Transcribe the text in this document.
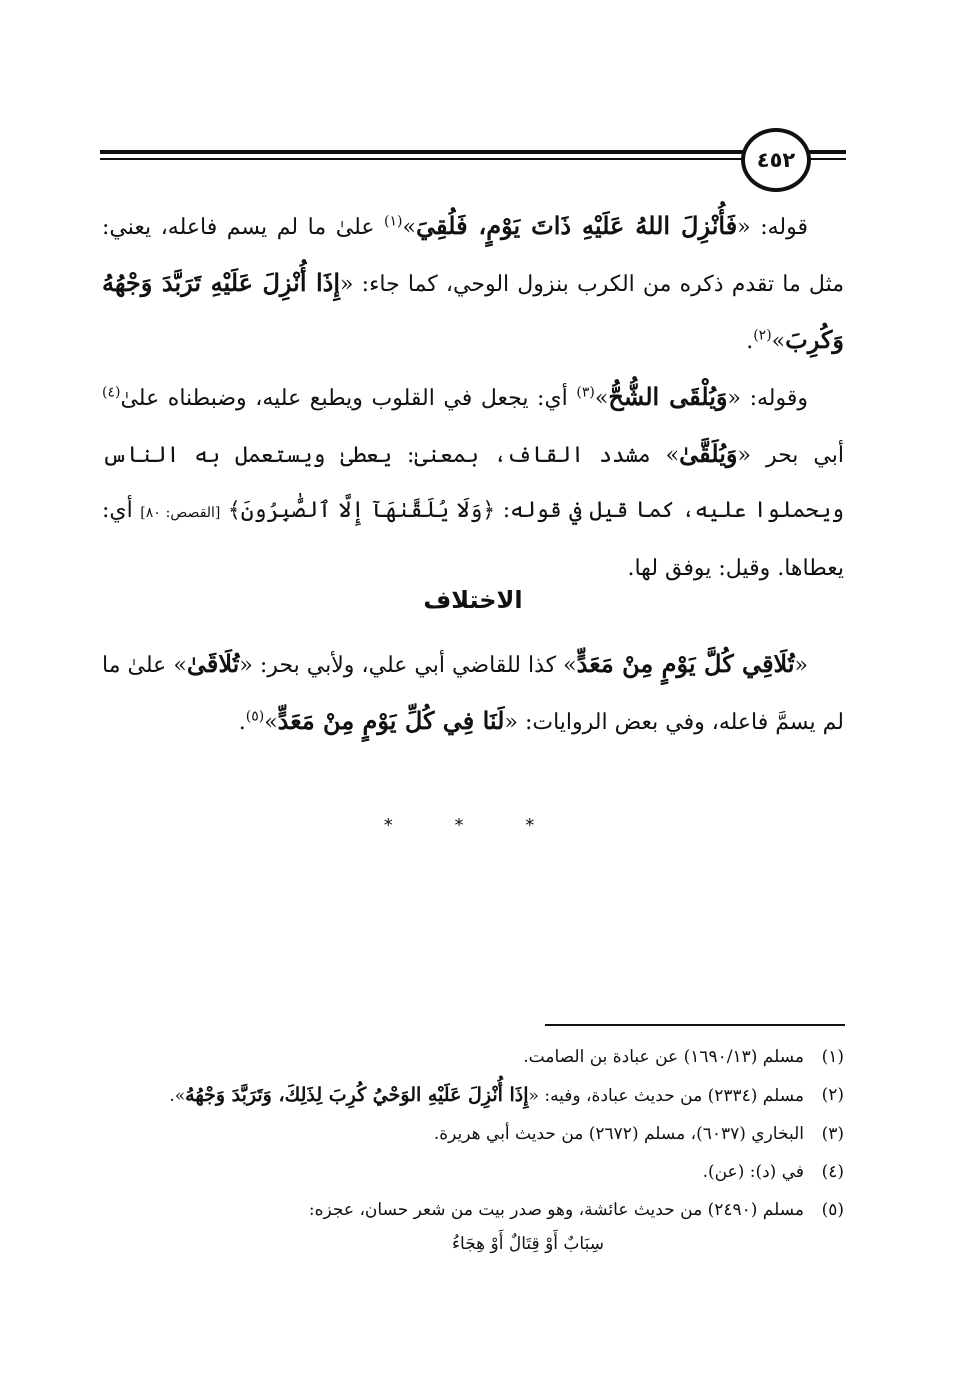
٤٥٢

قوله: «فَأُنْزِلَ اللهُ عَلَيْهِ ذَاتَ يَوْمٍ، فَلُقِيَ»$^{(١)}$ علىٰ ما لم يسم فاعله، يعني: مثل ما تقدم ذكره من الكرب بنزول الوحي، كما جاء: «إِذَا أُنْزِلَ عَلَيْهِ تَرَبَّدَ وَجْهُهُ وَكُرِبَ»$^{(٢)}$.

وقوله: «وَيُلْقَى الشُّحُّ»$^{(٣)}$ أي: يجعل في القلوب ويطبع عليه، وضبطناه علىٰ$^{(٤)}$ أبي بحر «وَيُلَقَّىٰ» مشدد القاف، بمعنىٰ: يعطىٰ ويستعمل به الناس ويحملوا عليه، كما قيل في قوله: ﴿وَلَا يُلَقَّىٰهَآ إِلَّا ٱلصَّٰبِرُونَ﴾ [القصص: ٨٠] أي: يعطاها. وقيل: يوفق لها.

الاختلاف

«تُلَاقِي كُلَّ يَوْمٍ مِنْ مَعَدٍّ» كذا للقاضي أبي علي، ولأبي بحر: «تُلَاقَىٰ» علىٰ ما لم يسمَّ فاعله، وفي بعض الروايات: «لَنَا فِي كُلِّ يَوْمٍ مِنْ مَعَدٍّ»$^{(٥)}$.

* * *
(١)
مسلم (١٦٩٠/١٣) عن عبادة بن الصامت.
(٢)
مسلم (٢٣٣٤) من حديث عبادة، وفيه: «إِذَا أُنْزِلَ عَلَيْهِ الوَحْيُ كُرِبَ لِذَلِكَ، وَتَرَبَّدَ وَجْهُهُ».
(٣)
البخاري (٦٠٣٧)، مسلم (٢٦٧٢) من حديث أبي هريرة.
(٤)
في (د): (عن).
(٥)
مسلم (٢٤٩٠) من حديث عائشة، وهو صدر بيت من شعر حسان، عجزه:
سِبَابٌ أَوْ قِتَالٌ أَوْ هِجَاءُ
